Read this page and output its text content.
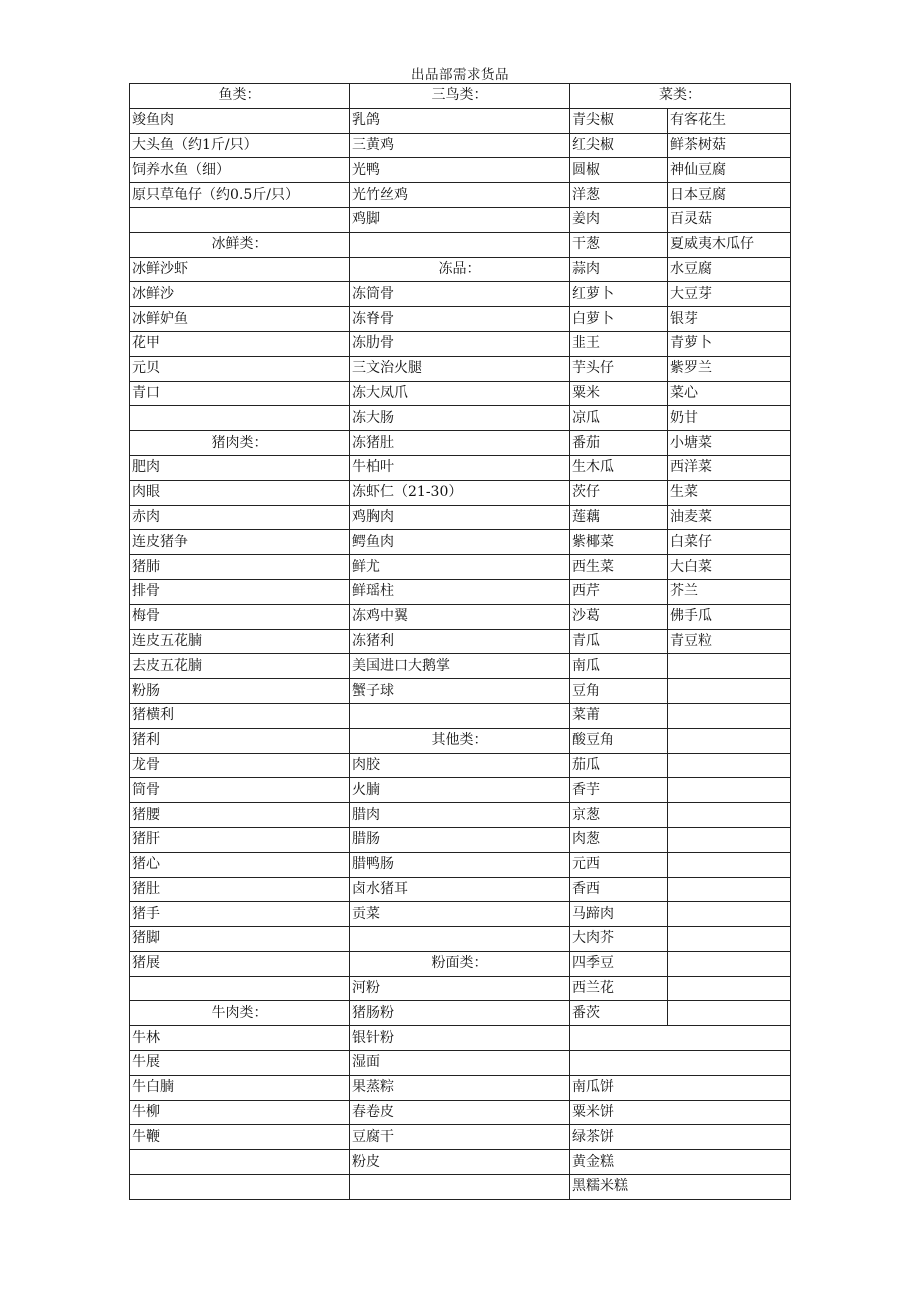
出品部需求货品
鱼类：	三鸟类：	菜类：	
竣鱼肉	乳鸽	青尖椒	有客花生
大头鱼（约1斤/只）	三黄鸡	红尖椒	鲜茶树菇
饲养水鱼（细）	光鸭	圆椒	神仙豆腐
原只草龟仔（约0.5斤/只）	光竹丝鸡	洋葱	日本豆腐
	鸡脚	姜肉	百灵菇
冰鲜类：		干葱	夏威夷木瓜仔
冰鲜沙虾	冻品：	蒜肉	水豆腐
冰鲜沙	冻筒骨	红萝卜	大豆芽
冰鲜妒鱼	冻脊骨	白萝卜	银芽
花甲	冻肋骨	韭王	青萝卜
元贝	三文治火腿	芋头仔	紫罗兰
青口	冻大凤爪	粟米	菜心
	冻大肠	凉瓜	奶甘
猪肉类：	冻猪肚	番茄	小塘菜
肥肉	牛柏叶	生木瓜	西洋菜
肉眼	冻虾仁（21-30）	茨仔	生菜
赤肉	鸡胸肉	莲藕	油麦菜
连皮猪争	鳄鱼肉	紫椰菜	白菜仔
猪肺	鲜尤	西生菜	大白菜
排骨	鲜瑶柱	西芹	芥兰
梅骨	冻鸡中翼	沙葛	佛手瓜
连皮五花腩	冻猪利	青瓜	青豆粒
去皮五花腩	美国进口大鹅掌	南瓜	
粉肠	蟹子球	豆角	
猪横利		菜莆	
猪利	其他类：	酸豆角	
龙骨	肉胶	茄瓜	
筒骨	火腩	香芋	
猪腰	腊肉	京葱	
猪肝	腊肠	肉葱	
猪心	腊鸭肠	元西	
猪肚	卤水猪耳	香西	
猪手	贡菜	马蹄肉	
猪脚		大肉芥	
猪展	粉面类：	四季豆	
	河粉	西兰花	
牛肉类：	猪肠粉	番茨	
牛林	银针粉		
牛展	湿面		
牛白腩	果蒸粽	南瓜饼	
牛柳	春卷皮	粟米饼	
牛鞭	豆腐干	绿茶饼	
	粉皮	黄金糕	
		黑糯米糕	
